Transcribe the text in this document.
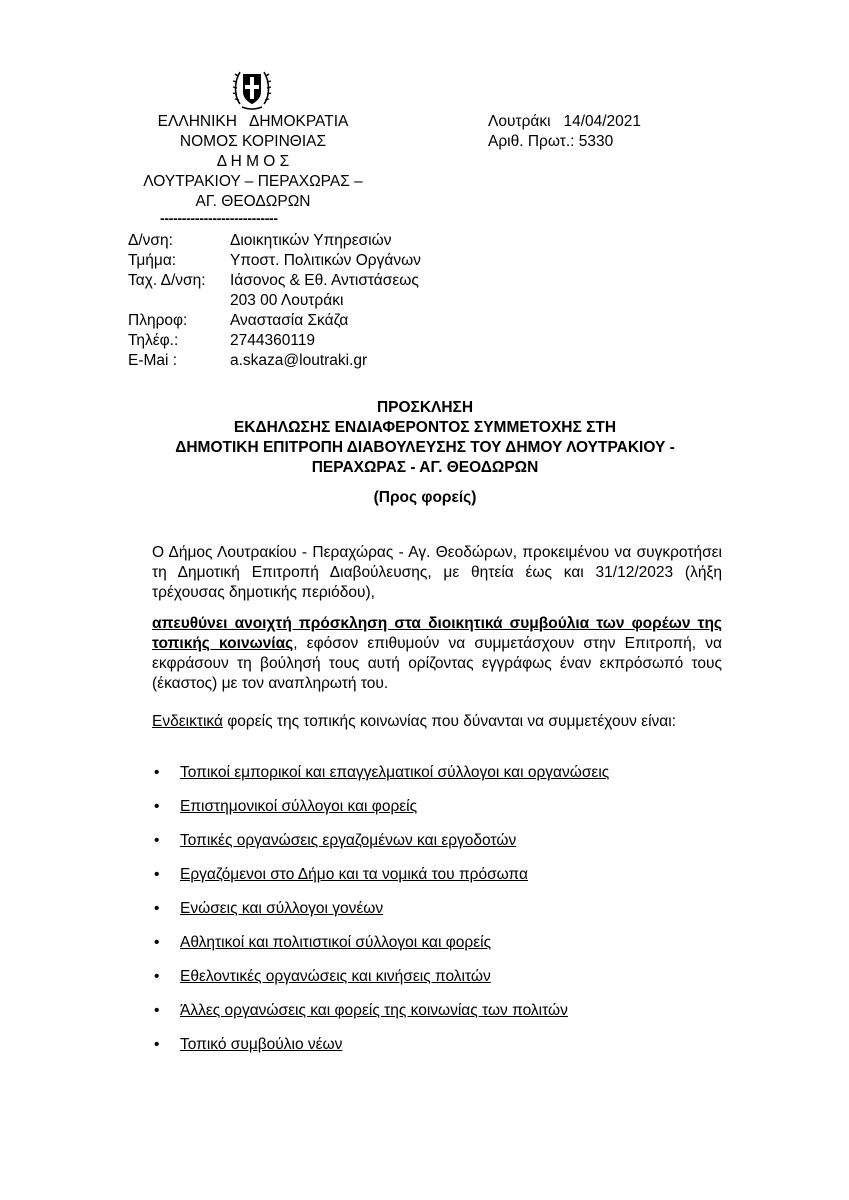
ΕΛΛΗΝΙΚΗ   ΔΗΜΟΚΡΑΤΙΑ
ΝΟΜΟΣ ΚΟΡΙΝΘΙΑΣ
Δ Η Μ Ο Σ
ΛΟΥΤΡΑΚΙΟΥ – ΠΕΡΑΧΩΡΑΣ –
ΑΓ. ΘΕΟΔΩΡΩΝ
---------------------------
Λουτράκι   14/04/2021
Αριθ. Πρωτ.: 5330
Δ/νση:	Διοικητικών Υπηρεσιών
Τμήμα:	Υποστ. Πολιτικών Οργάνων
Ταχ. Δ/νση:	Ιάσονος & Εθ. Αντιστάσεως
203 00 Λουτράκι
Πληροφ:	Αναστασία Σκάζα
Τηλέφ.:	2744360119
E-Mai :	a.skaza@loutraki.gr
ΠΡΟΣΚΛΗΣΗ
ΕΚΔΗΛΩΣΗΣ ΕΝΔΙΑΦΕΡΟΝΤΟΣ ΣΥΜΜΕΤΟΧΗΣ ΣΤΗ
ΔΗΜΟΤΙΚΗ ΕΠΙΤΡΟΠΗ ΔΙΑΒΟΥΛΕΥΣΗΣ ΤΟΥ ΔΗΜΟΥ ΛΟΥΤΡΑΚΙΟΥ -
ΠΕΡΑΧΩΡΑΣ - ΑΓ. ΘΕΟΔΩΡΩΝ
(Προς φορείς)
Ο Δήμος Λουτρακίου - Περαχώρας - Αγ. Θεοδώρων, προκειμένου να συγκροτήσει τη Δημοτική Επιτροπή Διαβούλευσης, με θητεία έως και 31/12/2023 (λήξη τρέχουσας δημοτικής περιόδου),
απευθύνει ανοιχτή πρόσκληση στα διοικητικά συμβούλια των φορέων της τοπικής κοινωνίας, εφόσον επιθυμούν να συμμετάσχουν στην Επιτροπή, να εκφράσουν τη βούλησή τους αυτή ορίζοντας εγγράφως έναν εκπρόσωπό τους (έκαστος) με τον αναπληρωτή του.
Ενδεικτικά φορείς της τοπικής κοινωνίας που δύνανται να συμμετέχουν είναι:
• Τοπικοί εμπορικοί και επαγγελματικοί σύλλογοι και οργανώσεις
• Επιστημονικοί σύλλογοι και φορείς
• Τοπικές οργανώσεις εργαζομένων και εργοδοτών
• Εργαζόμενοι στο Δήμο και τα νομικά του πρόσωπα
• Ενώσεις και σύλλογοι γονέων
• Αθλητικοί και πολιτιστικοί σύλλογοι και φορείς
• Εθελοντικές οργανώσεις και κινήσεις πολιτών
• Άλλες οργανώσεις και φορείς της κοινωνίας των πολιτών
• Τοπικό συμβούλιο νέων
